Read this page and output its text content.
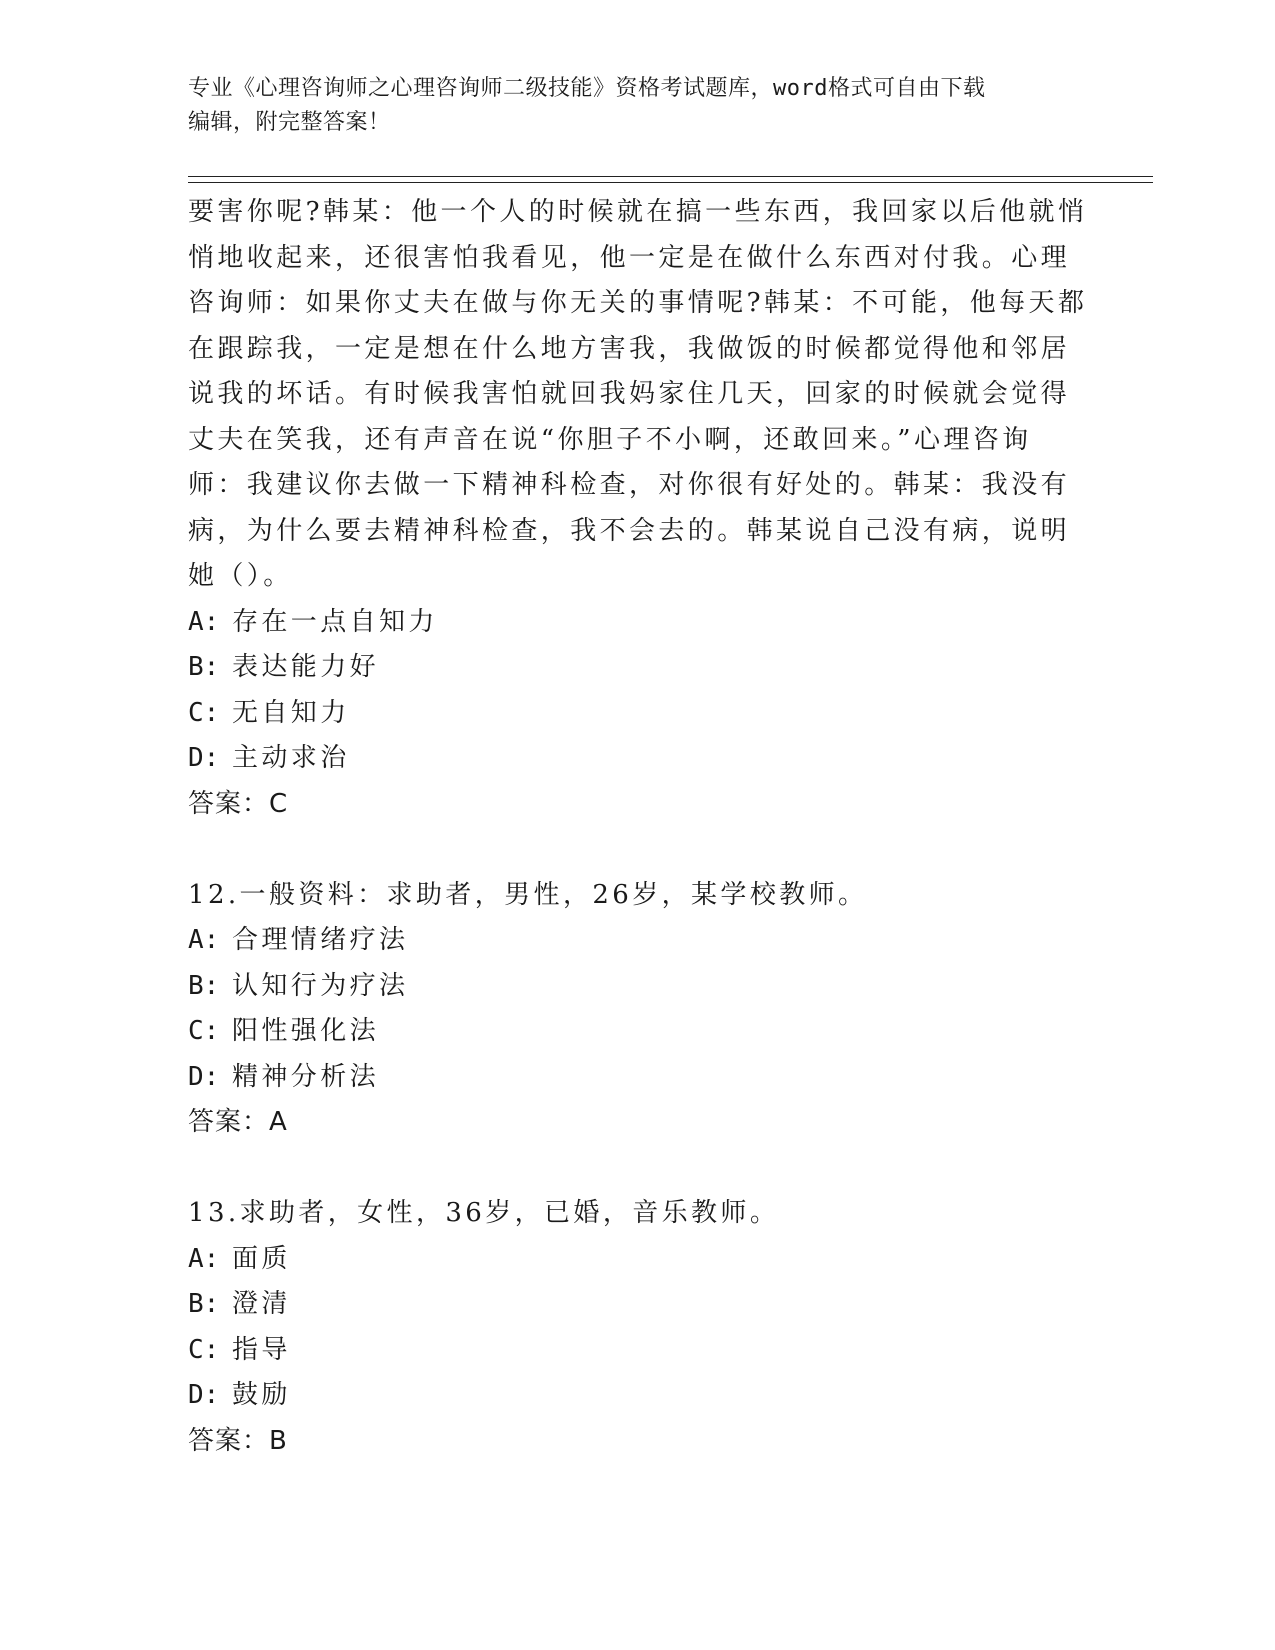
专业《心理咨询师之心理咨询师二级技能》资格考试题库，word格式可自由下载
编辑，附完整答案！
要害你呢?韩某：他一个人的时候就在搞一些东西，我回家以后他就悄
悄地收起来，还很害怕我看见，他一定是在做什么东西对付我。心理
咨询师：如果你丈夫在做与你无关的事情呢?韩某：不可能，他每天都
在跟踪我，一定是想在什么地方害我，我做饭的时候都觉得他和邻居
说我的坏话。有时候我害怕就回我妈家住几天，回家的时候就会觉得
丈夫在笑我，还有声音在说“你胆子不小啊，还敢回来。”心理咨询
师：我建议你去做一下精神科检查，对你很有好处的。韩某：我没有
病，为什么要去精神科检查，我不会去的。韩某说自己没有病，说明
她（）。
A: 存在一点自知力
B: 表达能力好
C: 无自知力
D: 主动求治
答案：C
12.一般资料：求助者，男性，26岁，某学校教师。
A: 合理情绪疗法
B: 认知行为疗法
C: 阳性强化法
D: 精神分析法
答案：A
13.求助者，女性，36岁，已婚，音乐教师。
A: 面质
B: 澄清
C: 指导
D: 鼓励
答案：B
